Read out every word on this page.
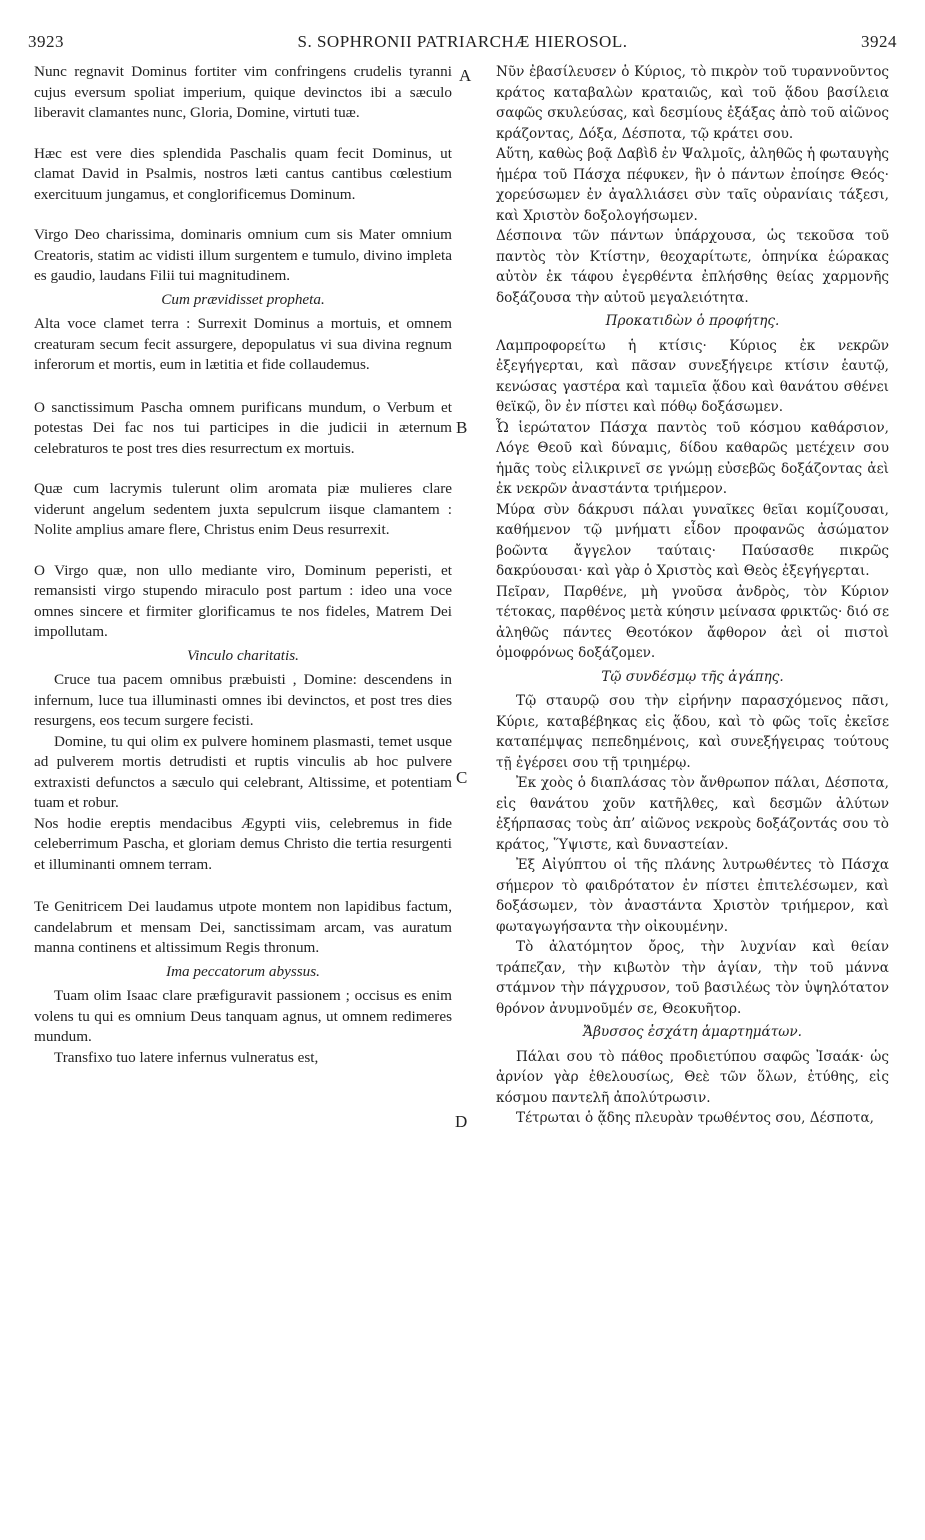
3923	S. SOPHRONII PATRIARCHÆ HIEROSOL.	3924

Nunc regnavit Dominus fortiter vim confringens crudelis tyranni cujus eversum spoliat imperium, quique devinctos ibi a sæculo liberavit clamantes nunc, Gloria, Domine, virtuti tuæ.

Hæc est vere dies splendida Paschalis quam fecit Dominus, ut clamat David in Psalmis, nostros læti cantus cantibus cœlestium exercituum jungamus, et conglorificemus Dominum.

Virgo Deo charissima, dominaris omnium cum sis Mater omnium Creatoris, statim ac vidisti illum surgentem e tumulo, divino impleta es gaudio, laudans Filii tui magnitudinem.

Cum prævidisset propheta.

Alta voce clamet terra : Surrexit Dominus a mortuis, et omnem creaturam secum fecit assurgere, depopulatus vi sua divina regnum inferorum et mortis, eum in lætitia et fide collaudemus.

O sanctissimum Pascha omnem purificans mundum, o Verbum et potestas Dei fac nos tui participes in die judicii in æternum celebraturos te post tres dies resurrectum ex mortuis.

Quæ cum lacrymis tulerunt olim aromata piæ mulieres clare viderunt angelum sedentem juxta sepulcrum iisque clamantem : Nolite amplius amare flere, Christus enim Deus resurrexit.

O Virgo quæ, non ullo mediante viro, Dominum peperisti, et remansisti virgo stupendo miraculo post partum : ideo una voce omnes sincere et firmiter glorificamus te nos fideles, Matrem Dei impollutam.

Vinculo charitatis.

Cruce tua pacem omnibus præbuisti , Domine: descendens in infernum, luce tua illuminasti omnes ibi devinctos, et post tres dies resurgens, eos tecum surgere fecisti.

Domine, tu qui olim ex pulvere hominem plasmasti, temet usque ad pulverem mortis detrudisti et ruptis vinculis ab hoc pulvere extraxisti defunctos a sæculo qui celebrant, Altissime, et potentiam tuam et robur.

Nos hodie ereptis mendacibus Ægypti viis, celebremus in fide celeberrimum Pascha, et gloriam demus Christo die tertia resurgenti et illuminanti omnem terram.

Te Genitricem Dei laudamus utpote montem non lapidibus factum, candelabrum et mensam Dei, sanctissimam arcam, vas auratum manna continens et altissimum Regis thronum.

Ima peccatorum abyssus.

Tuam olim Isaac clare præfiguravit passionem ; occisus es enim volens tu qui es omnium Deus tanquam agnus, ut omnem redimeres mundum.

Transfixo tuo latere infernus vulneratus est,

Νῦν ἐβασίλευσεν ὁ Κύριος, τὸ πικρὸν τοῦ τυραννοῦντος κράτος καταβαλὼν κραταιῶς, καὶ τοῦ ᾅδου βασίλεια σαφῶς σκυλεύσας, καὶ δεσμίους ἐξάξας ἀπὸ τοῦ αἰῶνος κράζοντας, Δόξα, Δέσποτα, τῷ κράτει σου.

Αὕτη, καθὼς βοᾷ Δαβὶδ ἐν Ψαλμοῖς, ἀληθῶς ἡ φωταυγὴς ἡμέρα τοῦ Πάσχα πέφυκεν, ἣν ὁ πάντων ἐποίησε Θεός· χορεύσωμεν ἐν ἀγαλλιάσει σὺν ταῖς οὐρανίαις τάξεσι, καὶ Χριστὸν δοξολογήσωμεν.

Δέσποινα τῶν πάντων ὑπάρχουσα, ὡς τεκοῦσα τοῦ παντὸς τὸν Κτίστην, θεοχαρίτωτε, ὁπηνίκα ἑώρακας αὐτὸν ἐκ τάφου ἐγερθέντα ἐπλήσθης θείας χαρμονῆς δοξάζουσα τὴν αὐτοῦ μεγαλειότητα.

Προκατιδὼν ὁ προφήτης.

Λαμπροφορείτω ἡ κτίσις· Κύριος ἐκ νεκρῶν ἐξεγήγερται, καὶ πᾶσαν συνεξήγειρε κτίσιν ἑαυτῷ, κενώσας γαστέρα καὶ ταμιεῖα ᾅδου καὶ θανάτου σθένει θεϊκῷ, ὃν ἐν πίστει καὶ πόθῳ δοξάσωμεν.

Ὦ ἱερώτατον Πάσχα παντὸς τοῦ κόσμου καθάρσιον, Λόγε Θεοῦ καὶ δύναμις, δίδου καθαρῶς μετέχειν σου ἡμᾶς τοὺς εἰλικρινεῖ σε γνώμῃ εὐσεβῶς δοξάζοντας ἀεὶ ἐκ νεκρῶν ἀναστάντα τριήμερον.

Μύρα σὺν δάκρυσι πάλαι γυναῖκες θεῖαι κομίζουσαι, καθήμενον τῷ μνήματι εἶδον προφανῶς ἀσώματον βοῶντα ἄγγελον ταύταις· Παύσασθε πικρῶς δακρύουσαι· καὶ γὰρ ὁ Χριστὸς καὶ Θεὸς ἐξεγήγερται.

Πεῖραν, Παρθένε, μὴ γνοῦσα ἀνδρὸς, τὸν Κύριον τέτοκας, παρθένος μετὰ κύησιν μείνασα φρικτῶς· διό σε ἀληθῶς πάντες Θεοτόκον ἄφθορον ἀεὶ οἱ πιστοὶ ὁμοφρόνως δοξάζομεν.

Τῷ συνδέσμῳ τῆς ἀγάπης.

Τῷ σταυρῷ σου τὴν εἰρήνην παρασχόμενος πᾶσι, Κύριε, καταβέβηκας εἰς ᾅδου, καὶ τὸ φῶς τοῖς ἐκεῖσε καταπέμψας πεπεδημένοις, καὶ συνεξήγειρας τούτους τῇ ἐγέρσει σου τῇ τριημέρῳ.

Ἐκ χοὸς ὁ διαπλάσας τὸν ἄνθρωπον πάλαι, Δέσποτα, εἰς θανάτου χοῦν κατῆλθες, καὶ δεσμῶν ἀλύτων ἐξήρπασας τοὺς ἀπ’ αἰῶνος νεκροὺς δοξάζοντάς σου τὸ κράτος, Ὕψιστε, καὶ δυναστείαν.

Ἐξ Αἰγύπτου οἱ τῆς πλάνης λυτρωθέντες τὸ Πάσχα σήμερον τὸ φαιδρότατον ἐν πίστει ἐπιτελέσωμεν, καὶ δοξάσωμεν, τὸν ἀναστάντα Χριστὸν τριήμερον, καὶ φωταγωγήσαντα τὴν οἰκουμένην.

Τὸ ἀλατόμητον ὄρος, τὴν λυχνίαν καὶ θείαν τράπεζαν, τὴν κιβωτὸν τὴν ἁγίαν, τὴν τοῦ μάννα στάμνον τὴν πάγχρυσον, τοῦ βασιλέως τὸν ὑψηλότατον θρόνον ἀνυμνοῦμέν σε, Θεοκυῆτορ.

Ἄβυσσος ἐσχάτη ἁμαρτημάτων.

Πάλαι σου τὸ πάθος προδιετύπου σαφῶς Ἰσαάκ· ὡς ἀρνίον γὰρ ἐθελουσίως, Θεὲ τῶν ὅλων, ἐτύθης, εἰς κόσμου παντελῆ ἀπολύτρωσιν.

Τέτρωται ὁ ᾅδης πλευρὰν τρωθέντος σου, Δέσποτα,

A
B
C
D
